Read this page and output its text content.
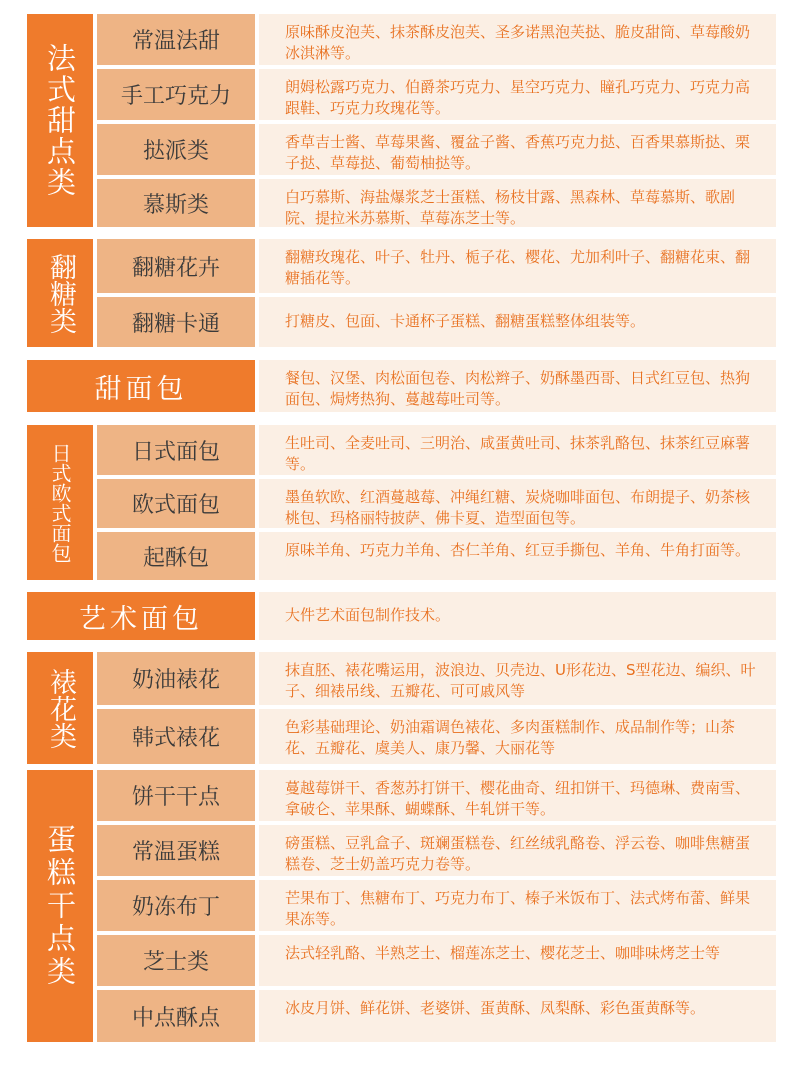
法式甜点类
常温法甜	原味酥皮泡芙、抹茶酥皮泡芙、圣多诺黑泡芙挞、脆皮甜筒、草莓酸奶冰淇淋等。
手工巧克力	朗姆松露巧克力、伯爵茶巧克力、星空巧克力、瞳孔巧克力、巧克力高跟鞋、巧克力玫瑰花等。
挞派类	香草吉士酱、草莓果酱、覆盆子酱、香蕉巧克力挞、百香果慕斯挞、栗子挞、草莓挞、葡萄柚挞等。
慕斯类	白巧慕斯、海盐爆浆芝士蛋糕、杨枝甘露、黑森林、草莓慕斯、歌剧院、提拉米苏慕斯、草莓冻芝士等。
翻糖类	翻糖花卉	翻糖玫瑰花、叶子、牡丹、栀子花、樱花、尤加利叶子、翻糖花束、翻糖插花等。
翻糖卡通	打糖皮、包面、卡通杯子蛋糕、翻糖蛋糕整体组装等。
甜面包	餐包、汉堡、肉松面包卷、肉松辫子、奶酥墨西哥、日式红豆包、热狗面包、焗烤热狗、蔓越莓吐司等。
日式欧式面包	日式面包	生吐司、全麦吐司、三明治、咸蛋黄吐司、抹茶乳酪包、抹茶红豆麻薯等。
欧式面包	墨鱼软欧、红酒蔓越莓、冲绳红糖、炭烧咖啡面包、布朗提子、奶茶核桃包、玛格丽特披萨、佛卡夏、造型面包等。
起酥包	原味羊角、巧克力羊角、杏仁羊角、红豆手撕包、羊角、牛角打面等。
艺术面包	大件艺术面包制作技术。
裱花类	奶油裱花	抹直胚、裱花嘴运用，波浪边、贝壳边、U形花边、S型花边、编织、叶子、细裱吊线、五瓣花、可可戚风等
韩式裱花	色彩基础理论、奶油霜调色裱花、多肉蛋糕制作、成品制作等；山茶花、五瓣花、虞美人、康乃馨、大丽花等
蛋糕干点类
饼干干点	蔓越莓饼干、香葱苏打饼干、樱花曲奇、纽扣饼干、玛德琳、费南雪、拿破仑、苹果酥、蝴蝶酥、牛轧饼干等。
常温蛋糕	磅蛋糕、豆乳盒子、斑斓蛋糕卷、红丝绒乳酪卷、浮云卷、咖啡焦糖蛋糕卷、芝士奶盖巧克力卷等。
奶冻布丁	芒果布丁、焦糖布丁、巧克力布丁、榛子米饭布丁、法式烤布蕾、鲜果果冻等。
芝士类	法式轻乳酪、半熟芝士、榴莲冻芝士、樱花芝士、咖啡味烤芝士等
中点酥点	冰皮月饼、鲜花饼、老婆饼、蛋黄酥、凤梨酥、彩色蛋黄酥等。
